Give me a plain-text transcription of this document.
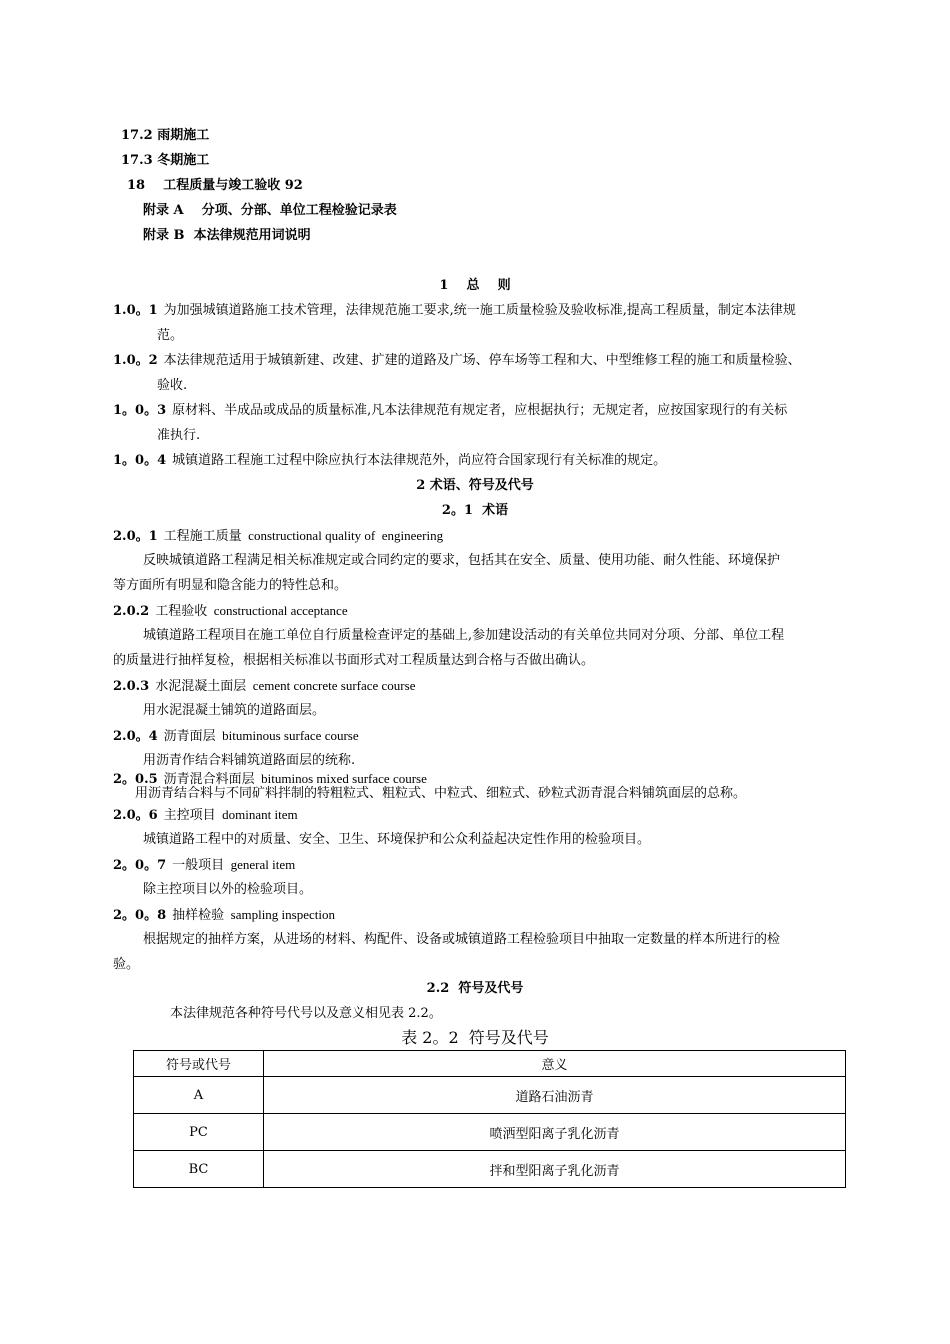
17.2 雨期施工
17.3 冬期施工
18    工程质量与竣工验收 92
附录 A    分项、分部、单位工程检验记录表
附录 B  本法律规范用词说明
1    总    则
1.0。1 为加强城镇道路施工技术管理，法律规范施工要求,统一施工质量检验及验收标准,提高工程质量，制定本法律规
范。
1.0。2 本法律规范适用于城镇新建、改建、扩建的道路及广场、停车场等工程和大、中型维修工程的施工和质量检验、
验收.
1。0。3 原材料、半成品或成品的质量标准,凡本法律规范有规定者，应根据执行；无规定者，应按国家现行的有关标
准执行.
1。0。4 城镇道路工程施工过程中除应执行本法律规范外，尚应符合国家现行有关标准的规定。
2 术语、符号及代号
2。1  术语
2.0。1 工程施工质量  constructional quality of  engineering
反映城镇道路工程满足相关标准规定或合同约定的要求，包括其在安全、质量、使用功能、耐久性能、环境保护
等方面所有明显和隐含能力的特性总和。
2.0.2 工程验收  constructional acceptance
城镇道路工程项目在施工单位自行质量检查评定的基础上,参加建设活动的有关单位共同对分项、分部、单位工程
的质量进行抽样复检，根据相关标准以书面形式对工程质量达到合格与否做出确认。
2.0.3 水泥混凝土面层  cement concrete surface course
用水泥混凝土铺筑的道路面层。
2.0。4 沥青面层  bituminous surface course
用沥青作结合料铺筑道路面层的统称.
2。0.5 沥青混合料面层  bituminos mixed surface course
用沥青结合料与不同矿料拌制的特粗粒式、粗粒式、中粒式、细粒式、砂粒式沥青混合料铺筑面层的总称。
2.0。6 主控项目  dominant item
城镇道路工程中的对质量、安全、卫生、环境保护和公众利益起决定性作用的检验项目。
2。0。7 一般项目  general item
除主控项目以外的检验项目。
2。0。8 抽样检验  sampling inspection
根据规定的抽样方案，从进场的材料、构配件、设备或城镇道路工程检验项目中抽取一定数量的样本所进行的检
验。
2.2  符号及代号
本法律规范各种符号代号以及意义相见表 2.2。
表 2。2  符号及代号
符号或代号	意义
A	道路石油沥青
PC	喷洒型阳离子乳化沥青
BC	拌和型阳离子乳化沥青
